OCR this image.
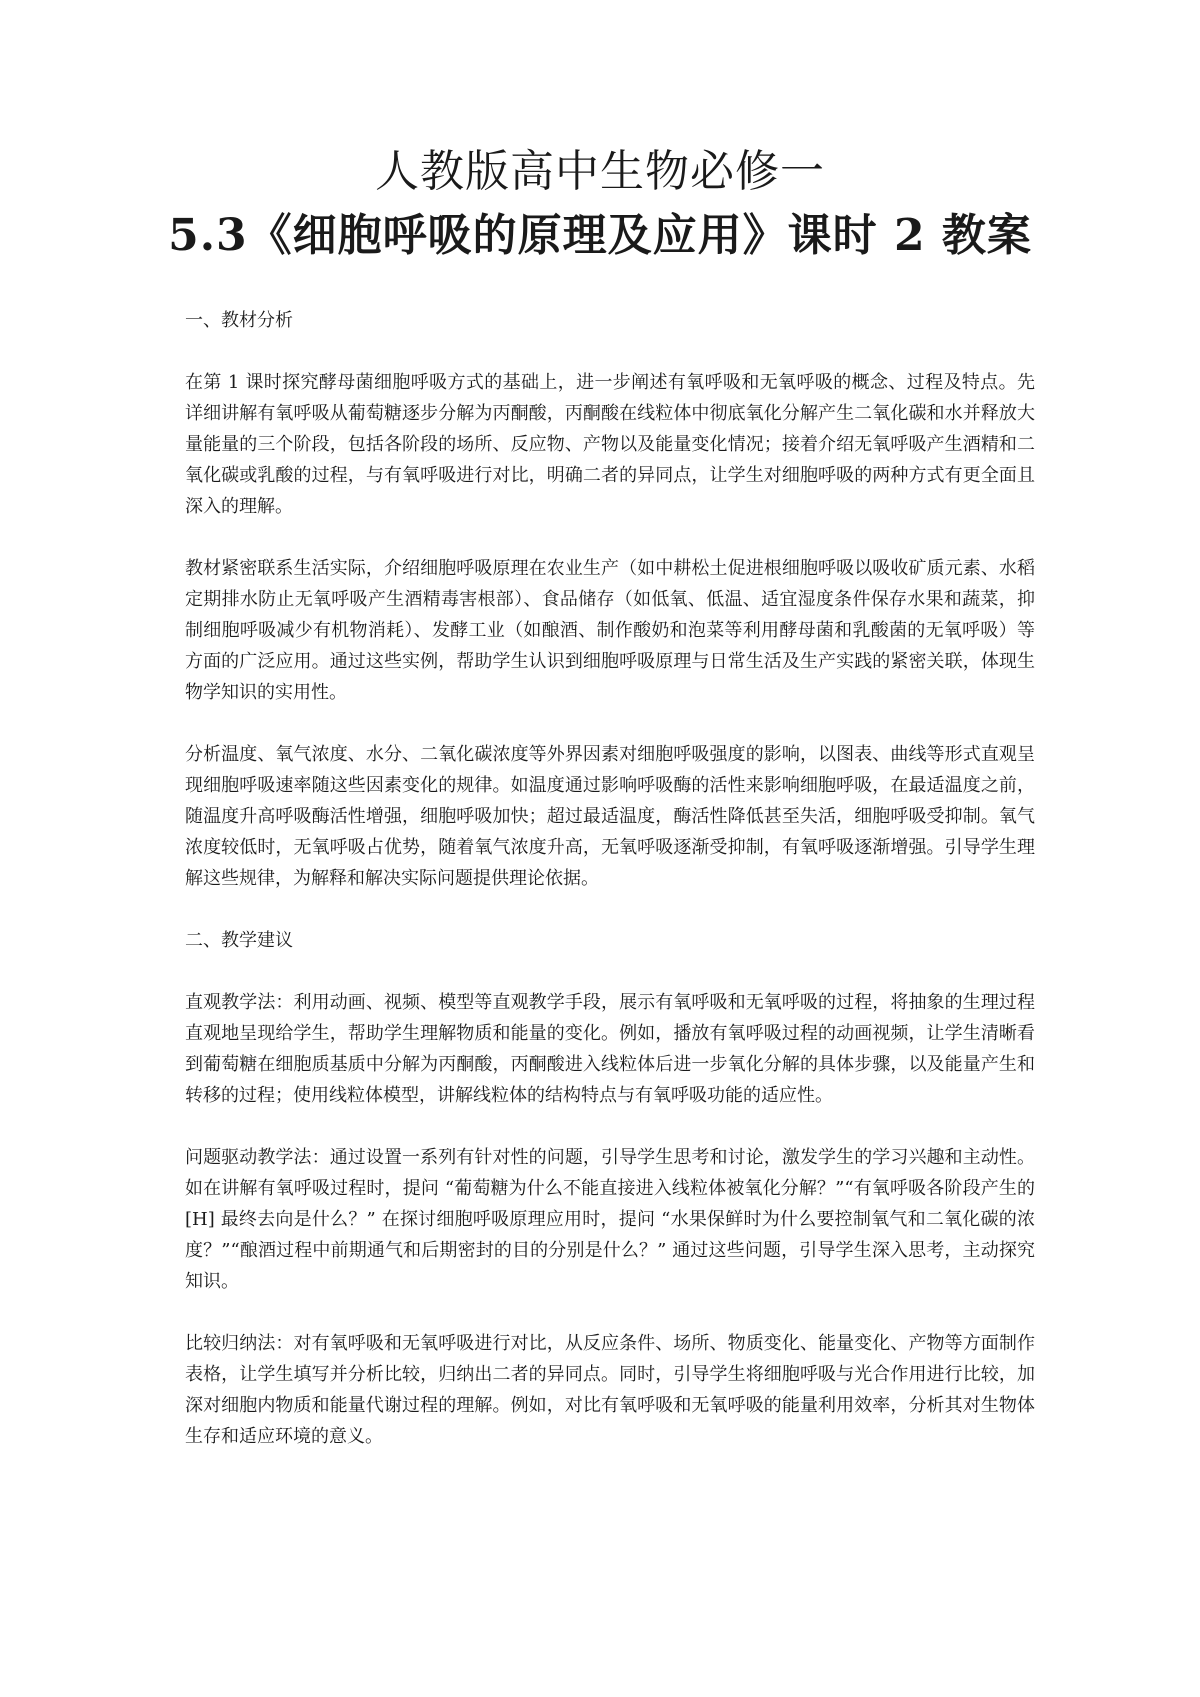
人教版高中生物必修一
5.3《细胞呼吸的原理及应用》课时 2 教案
一、教材分析

在第 1 课时探究酵母菌细胞呼吸方式的基础上，进一步阐述有氧呼吸和无氧呼吸的概念、过程及特点。先详细讲解有氧呼吸从葡萄糖逐步分解为丙酮酸，丙酮酸在线粒体中彻底氧化分解产生二氧化碳和水并释放大量能量的三个阶段，包括各阶段的场所、反应物、产物以及能量变化情况；接着介绍无氧呼吸产生酒精和二氧化碳或乳酸的过程，与有氧呼吸进行对比，明确二者的异同点，让学生对细胞呼吸的两种方式有更全面且深入的理解。

教材紧密联系生活实际，介绍细胞呼吸原理在农业生产（如中耕松土促进根细胞呼吸以吸收矿质元素、水稻定期排水防止无氧呼吸产生酒精毒害根部）、食品储存（如低氧、低温、适宜湿度条件保存水果和蔬菜，抑制细胞呼吸减少有机物消耗）、发酵工业（如酿酒、制作酸奶和泡菜等利用酵母菌和乳酸菌的无氧呼吸）等方面的广泛应用。通过这些实例，帮助学生认识到细胞呼吸原理与日常生活及生产实践的紧密关联，体现生物学知识的实用性。

分析温度、氧气浓度、水分、二氧化碳浓度等外界因素对细胞呼吸强度的影响，以图表、曲线等形式直观呈现细胞呼吸速率随这些因素变化的规律。如温度通过影响呼吸酶的活性来影响细胞呼吸，在最适温度之前，随温度升高呼吸酶活性增强，细胞呼吸加快；超过最适温度，酶活性降低甚至失活，细胞呼吸受抑制。氧气浓度较低时，无氧呼吸占优势，随着氧气浓度升高，无氧呼吸逐渐受抑制，有氧呼吸逐渐增强。引导学生理解这些规律，为解释和解决实际问题提供理论依据。

二、教学建议

直观教学法：利用动画、视频、模型等直观教学手段，展示有氧呼吸和无氧呼吸的过程，将抽象的生理过程直观地呈现给学生，帮助学生理解物质和能量的变化。例如，播放有氧呼吸过程的动画视频，让学生清晰看到葡萄糖在细胞质基质中分解为丙酮酸，丙酮酸进入线粒体后进一步氧化分解的具体步骤，以及能量产生和转移的过程；使用线粒体模型，讲解线粒体的结构特点与有氧呼吸功能的适应性。

问题驱动教学法：通过设置一系列有针对性的问题，引导学生思考和讨论，激发学生的学习兴趣和主动性。如在讲解有氧呼吸过程时，提问 “葡萄糖为什么不能直接进入线粒体被氧化分解？”“有氧呼吸各阶段产生的 [H] 最终去向是什么？” 在探讨细胞呼吸原理应用时，提问 “水果保鲜时为什么要控制氧气和二氧化碳的浓度？”“酿酒过程中前期通气和后期密封的目的分别是什么？” 通过这些问题，引导学生深入思考，主动探究知识。

比较归纳法：对有氧呼吸和无氧呼吸进行对比，从反应条件、场所、物质变化、能量变化、产物等方面制作表格，让学生填写并分析比较，归纳出二者的异同点。同时，引导学生将细胞呼吸与光合作用进行比较，加深对细胞内物质和能量代谢过程的理解。例如，对比有氧呼吸和无氧呼吸的能量利用效率，分析其对生物体生存和适应环境的意义。
